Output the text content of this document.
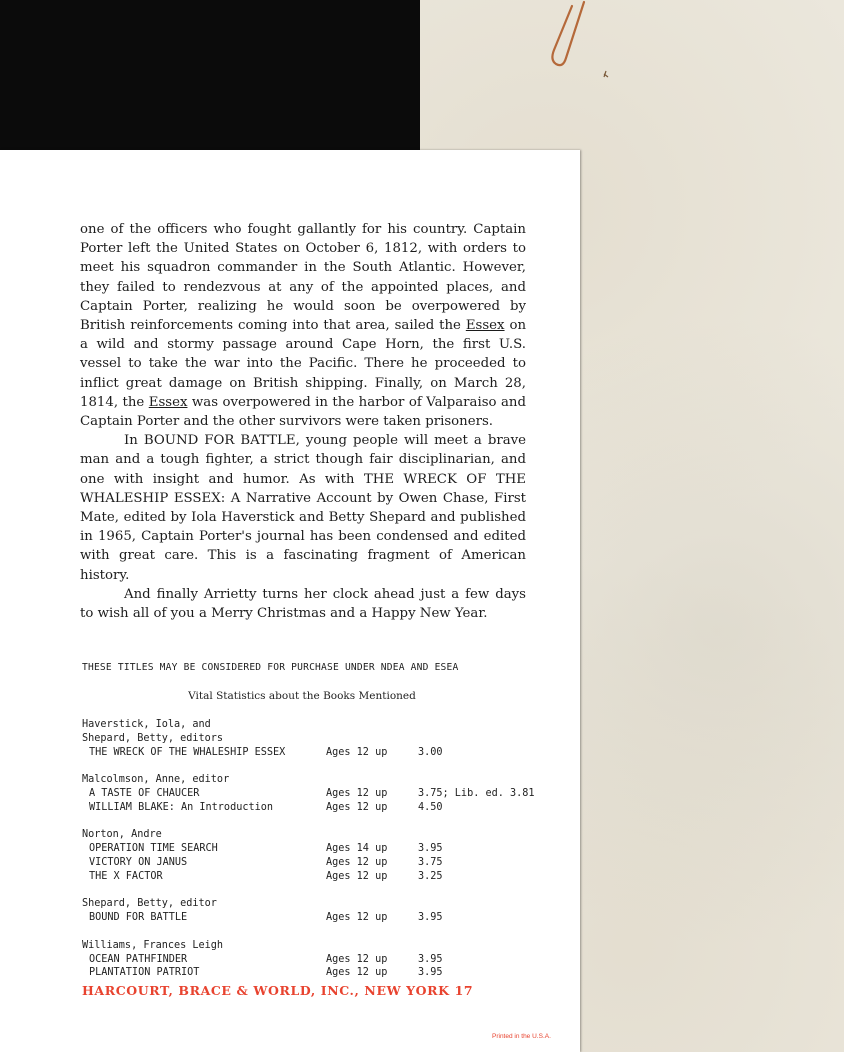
one of the officers who fought gallantly for his country. Captain Porter left the United States on October 6, 1812, with orders to meet his squadron commander in the South Atlantic. However, they failed to rendezvous at any of the appointed places, and Captain Porter, realizing he would soon be overpowered by British reinforcements coming into that area, sailed the Essex on a wild and stormy passage around Cape Horn, the first U.S. vessel to take the war into the Pacific. There he proceeded to inflict great damage on British shipping. Finally, on March 28, 1814, the Essex was overpowered in the harbor of Valparaiso and Captain Porter and the other survivors were taken prisoners.

In BOUND FOR BATTLE, young people will meet a brave man and a tough fighter, a strict though fair disciplinarian, and one with insight and humor. As with THE WRECK OF THE WHALESHIP ESSEX: A Narrative Account by Owen Chase, First Mate, edited by Iola Haverstick and Betty Shepard and published in 1965, Captain Porter's journal has been condensed and edited with great care. This is a fascinating fragment of American history.

And finally Arrietty turns her clock ahead just a few days to wish all of you a Merry Christmas and a Happy New Year.

THESE TITLES MAY BE CONSIDERED FOR PURCHASE UNDER NDEA AND ESEA
Vital Statistics about the Books Mentioned
Haverstick, Iola, and
Shepard, Betty, editors
THE WRECK OF THE WHALESHIP ESSEX	Ages 12 up	3.00
Malcolmson, Anne, editor
A TASTE OF CHAUCER	Ages 12 up	3.75; Lib. ed. 3.81
WILLIAM BLAKE: An Introduction	Ages 12 up	4.50
Norton, Andre
OPERATION TIME SEARCH	Ages 14 up	3.95
VICTORY ON JANUS	Ages 12 up	3.75
THE X FACTOR	Ages 12 up	3.25
Shepard, Betty, editor
BOUND FOR BATTLE	Ages 12 up	3.95
Williams, Frances Leigh
OCEAN PATHFINDER	Ages 12 up	3.95
PLANTATION PATRIOT	Ages 12 up	3.95
HARCOURT, BRACE & WORLD, INC., NEW YORK 17
Printed in the U.S.A.
